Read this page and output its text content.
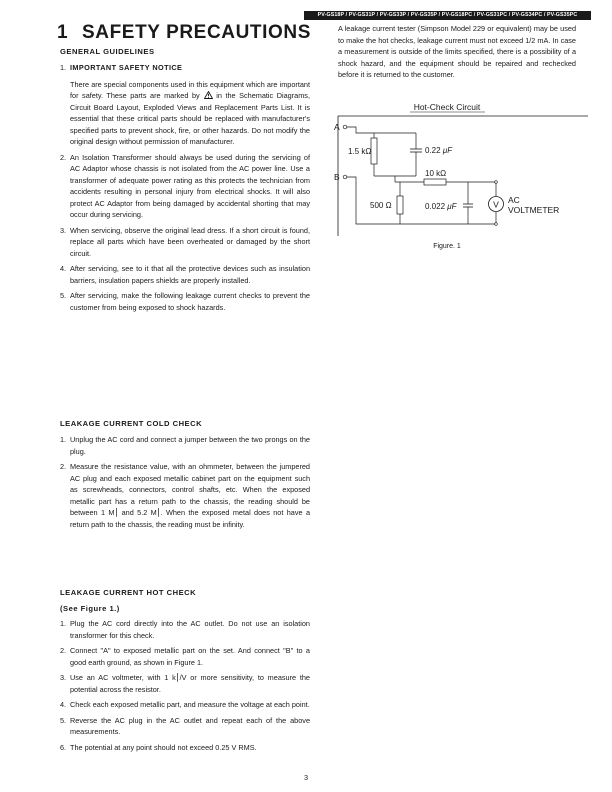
PV-GS18P / PV-GS31P / PV-GS33P / PV-GS35P / PV-GS18PC / PV-GS31PC / PV-GS34PC / PV-GS35PC
1 SAFETY PRECAUTIONS
GENERAL GUIDELINES
1. IMPORTANT SAFETY NOTICE
There are special components used in this equipment which are important for safety. These parts are marked by in the Schematic Diagrams, Circuit Board Layout, Exploded Views and Replacement Parts List. It is essential that these critical parts should be replaced with manufacturer's specified parts to prevent shock, fire, or other hazards. Do not modify the original design without permission of manufacturer.
2. An Isolation Transformer should always be used during the servicing of AC Adaptor whose chassis is not isolated from the AC power line. Use a transformer of adequate power rating as this protects the technician from accidents resulting in personal injury from electrical shocks. It will also protect AC Adaptor from being damaged by accidental shorting that may occur during servicing.
3. When servicing, observe the original lead dress. If a short circuit is found, replace all parts which have been overheated or damaged by the short circuit.
4. After servicing, see to it that all the protective devices such as insulation barriers, insulation papers shields are properly installed.
5. After servicing, make the following leakage current checks to prevent the customer from being exposed to shock hazards.
LEAKAGE CURRENT COLD CHECK
1. Unplug the AC cord and connect a jumper between the two prongs on the plug.
2. Measure the resistance value, with an ohmmeter, between the jumpered AC plug and each exposed metallic cabinet part on the equipment such as screwheads, connectors, control shafts, etc. When the exposed metallic part has a return path to the chassis, the reading should be between 1 M⎮ and 5.2 M⎮. When the exposed metal does not have a return path to the chassis, the reading must be infinity.
LEAKAGE CURRENT HOT CHECK
(See Figure 1.)
1. Plug the AC cord directly into the AC outlet. Do not use an isolation transformer for this check.
2. Connect "A" to exposed metallic part on the set. And connect "B" to a good earth ground, as shown in Figure 1.
3. Use an AC voltmeter, with 1 k⎮/V or more sensitivity, to measure the potential across the resistor.
4. Check each exposed metallic part, and measure the voltage at each point.
5. Reverse the AC plug in the AC outlet and repeat each of the above measurements.
6. The potential at any point should not exceed 0.25 V RMS.
A leakage current tester (Simpson Model 229 or equivalent) may be used to make the hot checks, leakage current must not exceed 1/2 mA. In case a measurement is outside of the limits specified, there is a possibility of a shock hazard, and the equipment should be repaired and rechecked before it is returned to the customer.
Hot-Check Circuit
A
1.5 kΩ	0.22 μF
10 kΩ
B
500 Ω	0.022 μF	V AC
VOLTMETER
Figure. 1
3
